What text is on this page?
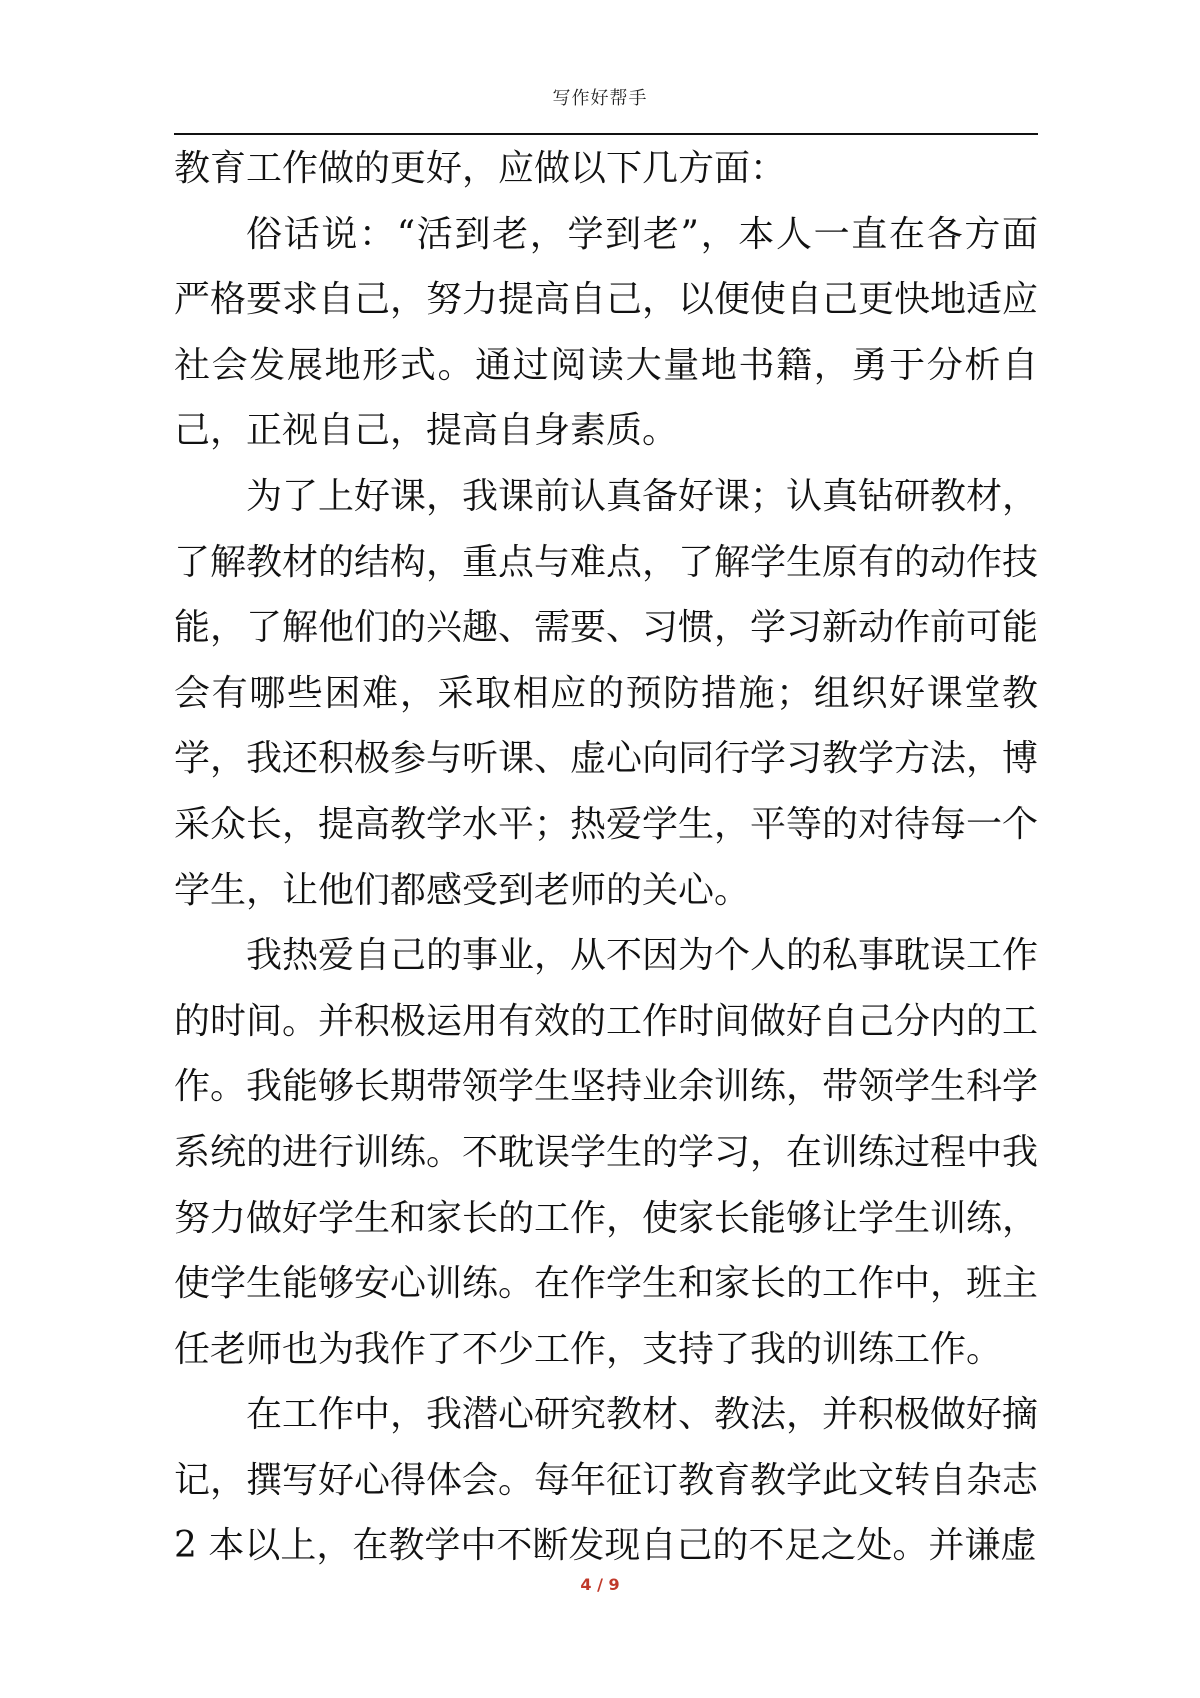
写作好帮手

教育工作做的更好，应做以下几方面：

俗话说：“活到老，学到老”，本人一直在各方面严格要求自己，努力提高自己，以便使自己更快地适应社会发展地形式。通过阅读大量地书籍，勇于分析自己，正视自己，提高自身素质。

为了上好课，我课前认真备好课；认真钻研教材，了解教材的结构，重点与难点，了解学生原有的动作技能，了解他们的兴趣、需要、习惯，学习新动作前可能会有哪些困难，采取相应的预防措施；组织好课堂教学，我还积极参与听课、虚心向同行学习教学方法，博采众长，提高教学水平；热爱学生，平等的对待每一个学生，让他们都感受到老师的关心。

我热爱自己的事业，从不因为个人的私事耽误工作的时间。并积极运用有效的工作时间做好自己分内的工作。我能够长期带领学生坚持业余训练，带领学生科学系统的进行训练。不耽误学生的学习，在训练过程中我努力做好学生和家长的工作，使家长能够让学生训练，使学生能够安心训练。在作学生和家长的工作中，班主任老师也为我作了不少工作，支持了我的训练工作。

在工作中，我潜心研究教材、教法，并积极做好摘记，撰写好心得体会。每年征订教育教学此文转自杂志 2 本以上，在教学中不断发现自己的不足之处。并谦虚

4 / 9
